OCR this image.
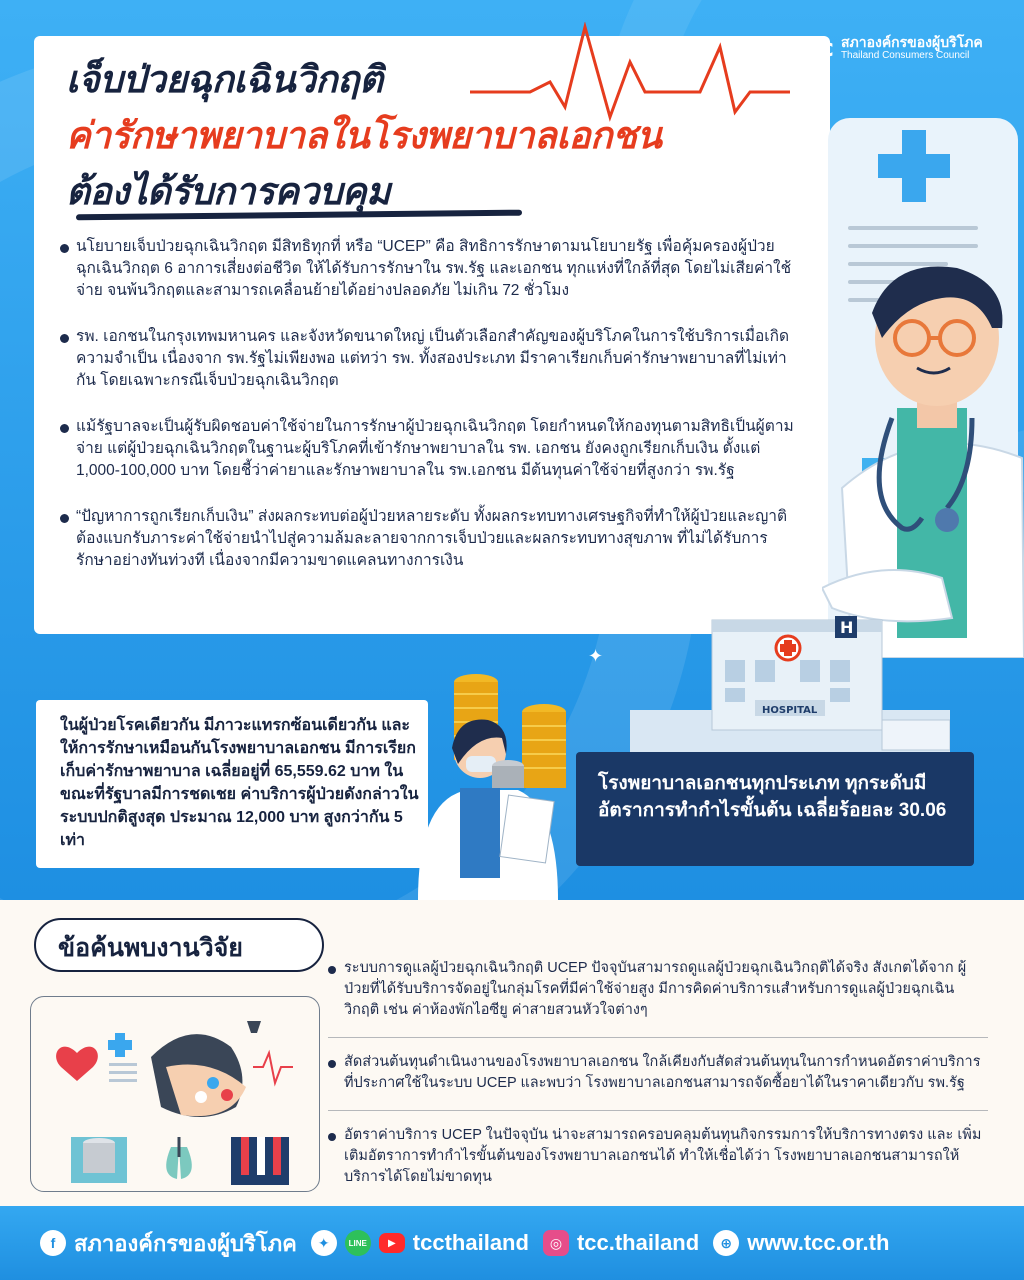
tcc สภาองค์กรของผู้บริโภค
Thailand Consumers Council
เจ็บป่วยฉุกเฉินวิกฤติ
ค่ารักษาพยาบาลในโรงพยาบาลเอกชน
ต้องได้รับการควบคุม

นโยบายเจ็บป่วยฉุกเฉินวิกฤต มีสิทธิทุกที่ หรือ “UCEP” คือ สิทธิการรักษาตามนโยบายรัฐ เพื่อคุ้มครองผู้ป่วยฉุกเฉินวิกฤต 6 อาการเสี่ยงต่อชีวิต ให้ได้รับการรักษาใน รพ.รัฐ และเอกชน ทุกแห่งที่ใกล้ที่สุด โดยไม่เสียค่าใช้จ่าย จนพ้นวิกฤตและสามารถเคลื่อนย้ายได้อย่างปลอดภัย ไม่เกิน 72 ชั่วโมง

รพ. เอกชนในกรุงเทพมหานคร และจังหวัดขนาดใหญ่ เป็นตัวเลือกสำคัญของผู้บริโภคในการใช้บริการเมื่อเกิดความจำเป็น เนื่องจาก รพ.รัฐไม่เพียงพอ แต่ทว่า รพ. ทั้งสองประเภท มีราคาเรียกเก็บค่ารักษาพยาบาลที่ไม่เท่ากัน โดยเฉพาะกรณีเจ็บป่วยฉุกเฉินวิกฤต

แม้รัฐบาลจะเป็นผู้รับผิดชอบค่าใช้จ่ายในการรักษาผู้ป่วยฉุกเฉินวิกฤต โดยกำหนดให้กองทุนตามสิทธิเป็นผู้ตามจ่าย แต่ผู้ป่วยฉุกเฉินวิกฤตในฐานะผู้บริโภคที่เข้ารักษาพยาบาลใน รพ. เอกชน ยังคงถูกเรียกเก็บเงิน ตั้งแต่ 1,000-100,000 บาท โดยชี้ว่าค่ายาและรักษาพยาบาลใน รพ.เอกชน มีต้นทุนค่าใช้จ่ายที่สูงกว่า รพ.รัฐ

“ปัญหาการถูกเรียกเก็บเงิน” ส่งผลกระทบต่อผู้ป่วยหลายระดับ ทั้งผลกระทบทางเศรษฐกิจที่ทำให้ผู้ป่วยและญาติต้องแบกรับภาระค่าใช้จ่ายนำไปสู่ความล้มละลายจากการเจ็บป่วยและผลกระทบทางสุขภาพ ที่ไม่ได้รับการรักษาอย่างทันท่วงที เนื่องจากมีความขาดแคลนทางการเงิน

H
HOSPITAL
✦

ในผู้ป่วยโรคเดียวกัน มีภาวะแทรกซ้อนเดียวกัน และให้การรักษาเหมือนกันโรงพยาบาลเอกชน มีการเรียกเก็บค่ารักษาพยาบาล เฉลี่ยอยู่ที่ 65,559.62 บาท ในขณะที่รัฐบาลมีการชดเชย ค่าบริการผู้ป่วยดังกล่าวในระบบปกติสูงสุด ประมาณ 12,000 บาท สูงกว่ากัน 5 เท่า

โรงพยาบาลเอกชนทุกประเภท ทุกระดับมีอัตราการทำกำไรขั้นต้น เฉลี่ยร้อยละ 30.06

ข้อค้นพบงานวิจัย

ระบบการดูแลผู้ป่วยฉุกเฉินวิกฤติ UCEP ปัจจุบันสามารถดูแลผู้ป่วยฉุกเฉินวิกฤติได้จริง สังเกตได้จาก ผู้ป่วยที่ได้รับบริการจัดอยู่ในกลุ่มโรคที่มีค่าใช้จ่ายสูง มีการคิดค่าบริการแสำหรับการดูแลผู้ป่วยฉุกเฉินวิกฤติ เช่น ค่าห้องพักไอซียู ค่าสายสวนหัวใจต่างๆ

สัดส่วนต้นทุนดำเนินงานของโรงพยาบาลเอกชน ใกล้เคียงกับสัดส่วนต้นทุนในการกำหนดอัตราค่าบริการที่ประกาศใช้ในระบบ UCEP และพบว่า โรงพยาบาลเอกชนสามารถจัดซื้อยาได้ในราคาเดียวกับ รพ.รัฐ

อัตราค่าบริการ UCEP ในปัจจุบัน น่าจะสามารถครอบคลุมต้นทุนกิจกรรมการให้บริการทางตรง และ เพิ่มเติมอัตราการทำกำไรขั้นต้นของโรงพยาบาลเอกชนได้ ทำให้เชื่อได้ว่า โรงพยาบาลเอกชนสามารถให้บริการได้โดยไม่ขาดทุน

f สภาองค์กรของผู้บริโภค	✦	LINE	▶ tccthailand	◎ tcc.thailand	⊕ www.tcc.or.th
